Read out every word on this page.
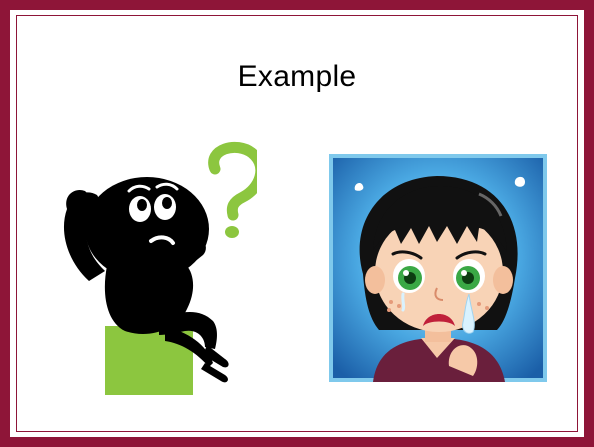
Example
